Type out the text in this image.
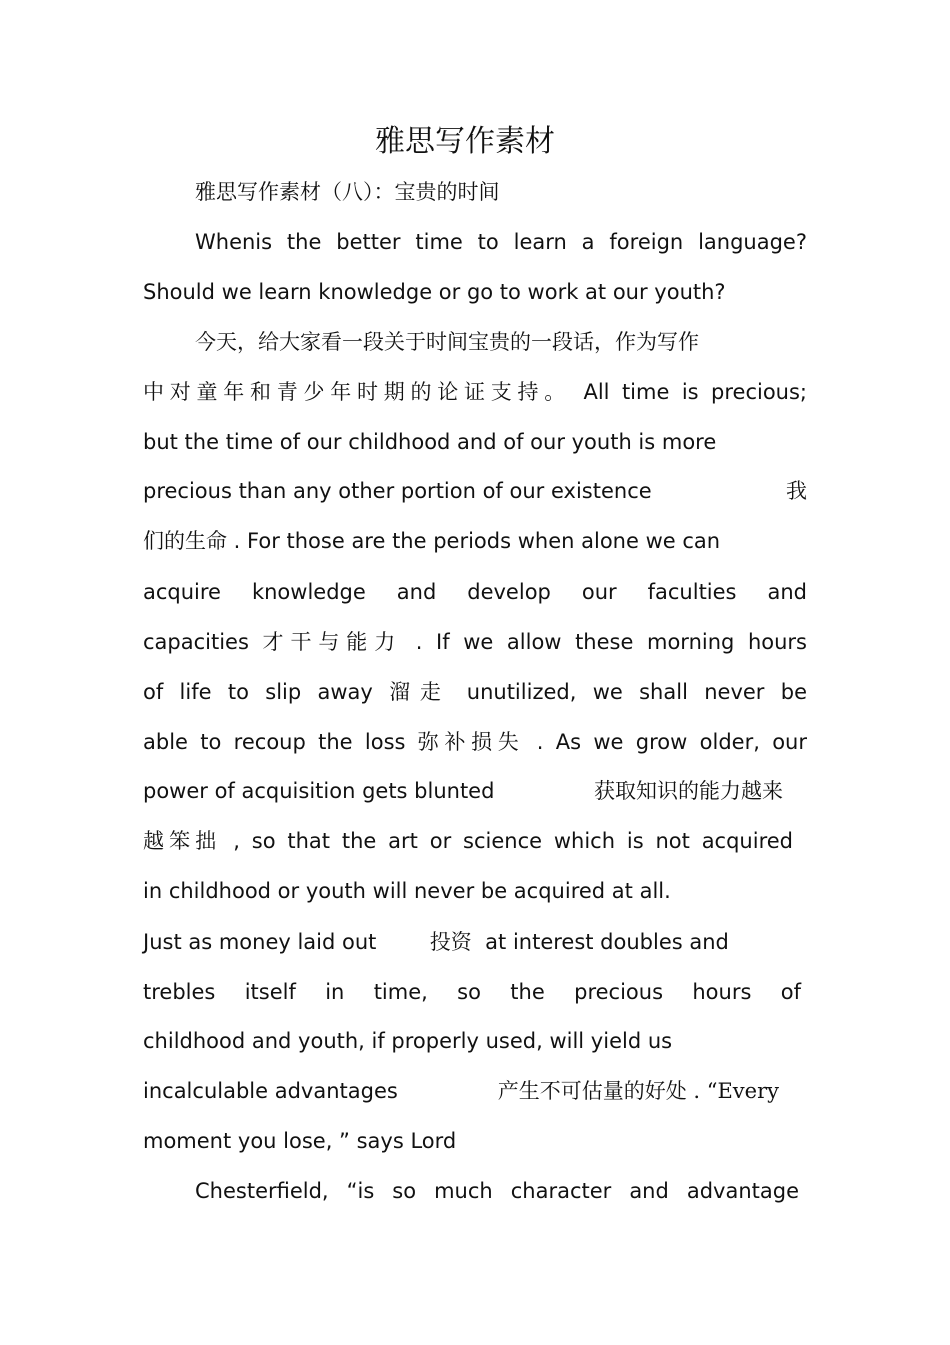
雅思写作素材
雅思写作素材（八）：宝贵的时间
Whenis the better time to learn a foreign language?
Should we learn knowledge or go to work at our youth?
今天，给大家看一段关于时间宝贵的一段话，作为写作
中对童年和青少年时期的论证支持。 All time is precious;
but the time of our childhood and of our youth is more
precious than any other portion of our existence	我
们的生命 . For those are the periods when alone we can
acquire knowledge and develop our faculties and
capacities 才干与能力 . If we allow these morning hours
of life to slip away 溜走 unutilized, we shall never be
able to recoup the loss 弥补损失 . As we grow older, our
power of acquisition gets blunted	获取知识的能力越来
越笨拙 , so that the art or science which is not acquired
in childhood or youth will never be acquired at all.
Just as money laid out        投资  at interest doubles and
trebles itself in time, so the precious hours of
childhood and youth, if properly used, will yield us
incalculable advantages	产生不可估量的好处 . “Every
moment you lose, ” says Lord
Chesterfield, “is so much character and advantage
